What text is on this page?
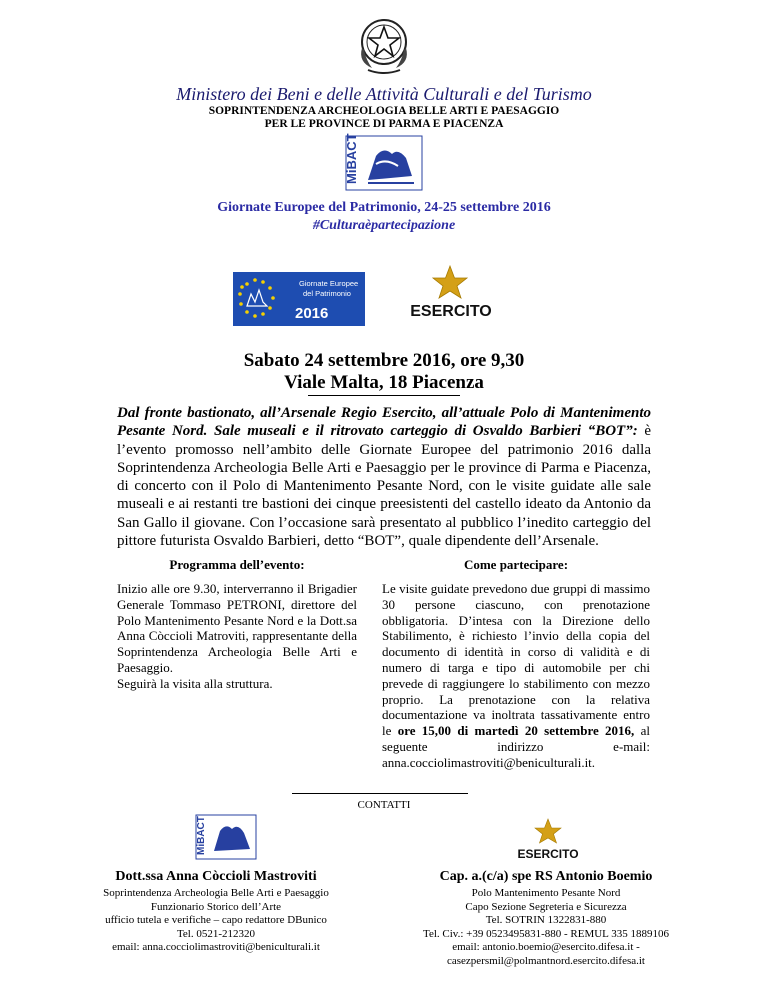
Ministero dei Beni e delle Attività Culturali e del Turismo
SOPRINTENDENZA ARCHEOLOGIA BELLE ARTI E PAESAGGIO
PER LE PROVINCE DI PARMA E PIACENZA
MiBACT
Giornate Europee del Patrimonio, 24-25 settembre 2016
#Culturaèpartecipazione
Giornate Europee
del Patrimonio
2016	ESERCITO
Sabato 24 settembre 2016, ore 9,30
Viale Malta, 18 Piacenza
Dal fronte bastionato, all’Arsenale Regio Esercito, all’attuale Polo di Mantenimento Pesante Nord. Sale museali e il ritrovato carteggio di Osvaldo Barbieri “BOT”: è l’evento promosso nell’ambito delle Giornate Europee del patrimonio 2016 dalla Soprintendenza Archeologia Belle Arti e Paesaggio per le province di Parma e Piacenza, di concerto con il Polo di Mantenimento Pesante Nord, con le visite guidate alle sale museali e ai restanti tre bastioni dei cinque preesistenti del castello ideato da Antonio da San Gallo il giovane. Con l’occasione sarà presentato al pubblico l’inedito carteggio del pittore futurista Osvaldo Barbieri, detto “BOT”, quale dipendente dell’Arsenale.
Programma dell’evento:	Come partecipare:
Inizio alle ore 9.30, interverranno il Brigadier Generale Tommaso PETRONI, direttore del Polo Mantenimento Pesante Nord e la Dott.sa Anna Còccioli Matroviti, rappresentante della Soprintendenza Archeologia Belle Arti e Paesaggio.
Seguirà la visita alla struttura.
Le visite guidate prevedono due gruppi di massimo 30 persone ciascuno, con prenotazione obbligatoria. D’intesa con la Direzione dello Stabilimento, è richiesto l’invio della copia del documento di identità in corso di validità e di numero di targa e tipo di automobile per chi prevede di raggiungere lo stabilimento con mezzo proprio. La prenotazione con la relativa documentazione va inoltrata tassativamente entro le ore 15,00 di martedì 20 settembre 2016, al seguente indirizzo e-mail: anna.cocciolimastroviti@beniculturali.it.
CONTATTI
MiBACT	ESERCITO
Dott.ssa Anna Còccioli Mastroviti
Soprintendenza Archeologia Belle Arti e Paesaggio
Funzionario Storico dell’Arte
ufficio tutela e verifiche – capo redattore DBunico
Tel. 0521-212320
email: anna.cocciolimastroviti@beniculturali.it
Cap. a.(c/a) spe RS Antonio Boemio
Polo Mantenimento Pesante Nord
Capo Sezione Segreteria e Sicurezza
Tel. SOTRIN 1322831-880
Tel. Civ.: +39 0523495831-880 - REMUL 335 1889106
email: antonio.boemio@esercito.difesa.it -
casezpersmil@polmantnord.esercito.difesa.it
